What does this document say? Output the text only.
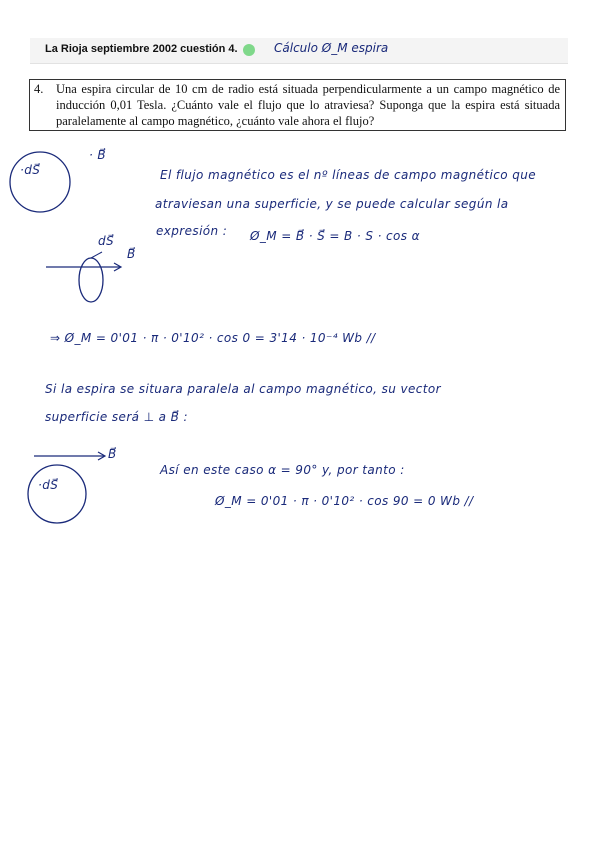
La Rioja septiembre 2002 cuestión 4.	Cálculo Ø_M espira
4. Una espira circular de 10 cm de radio está situada perpendicularmente a un campo magnético de inducción 0,01 Tesla. ¿Cuánto vale el flujo que lo atraviesa? Suponga que la espira está situada paralelamente al campo magnético, ¿cuánto vale ahora el flujo?
·dS⃗
· B⃗
El flujo magnético es el nº líneas de campo magnético que
atraviesan una superficie, y se puede calcular según la
expresión : Ø_M = B⃗ · S⃗ = B · S · cos α
dS⃗
B⃗
⇒ Ø_M = 0'01 · π · 0'10² · cos 0 = 3'14 · 10⁻⁴ Wb //
Si la espira se situara paralela al campo magnético, su vector
superficie será ⊥ a B⃗ :
B⃗
·dS⃗
Así en este caso α = 90° y, por tanto :
Ø_M = 0'01 · π · 0'10² · cos 90 = 0 Wb //
